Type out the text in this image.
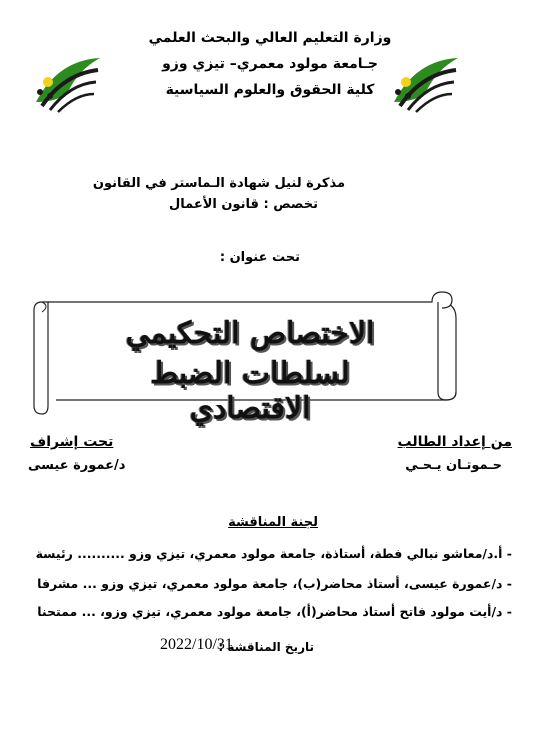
وزارة التعليم العالي والبحث العلمي
جـامعة مولود معمري– تيزي وزو
كلية الحقوق والعلوم السياسية
مذكرة لنيل شهادة الـماستر في القانون
تخصص : قانون الأعمال
تحت عنوان :
الاختصاص التحكيمي
لسلطات الضبط الاقتصادي
من إعداد الطالب
حـموتـان يـحـي
تحت إشراف
د/عمورة عيسى
لجنة المناقشة
- أ.د/معاشو نبالي فطة، أستاذة، جامعة مولود معمري، تيزي وزو .......... رئيسة
- د/عمورة عيسى، أستاذ محاضر(ب)، جامعة مولود معمري، تيزي وزو ... مشرفا
- د/أيت مولود فاتح أستاذ محاضر(أ)، جامعة مولود معمري، تيزي وزو، ... ممتحنا
تاريخ المناقشة :
2022/10/31
